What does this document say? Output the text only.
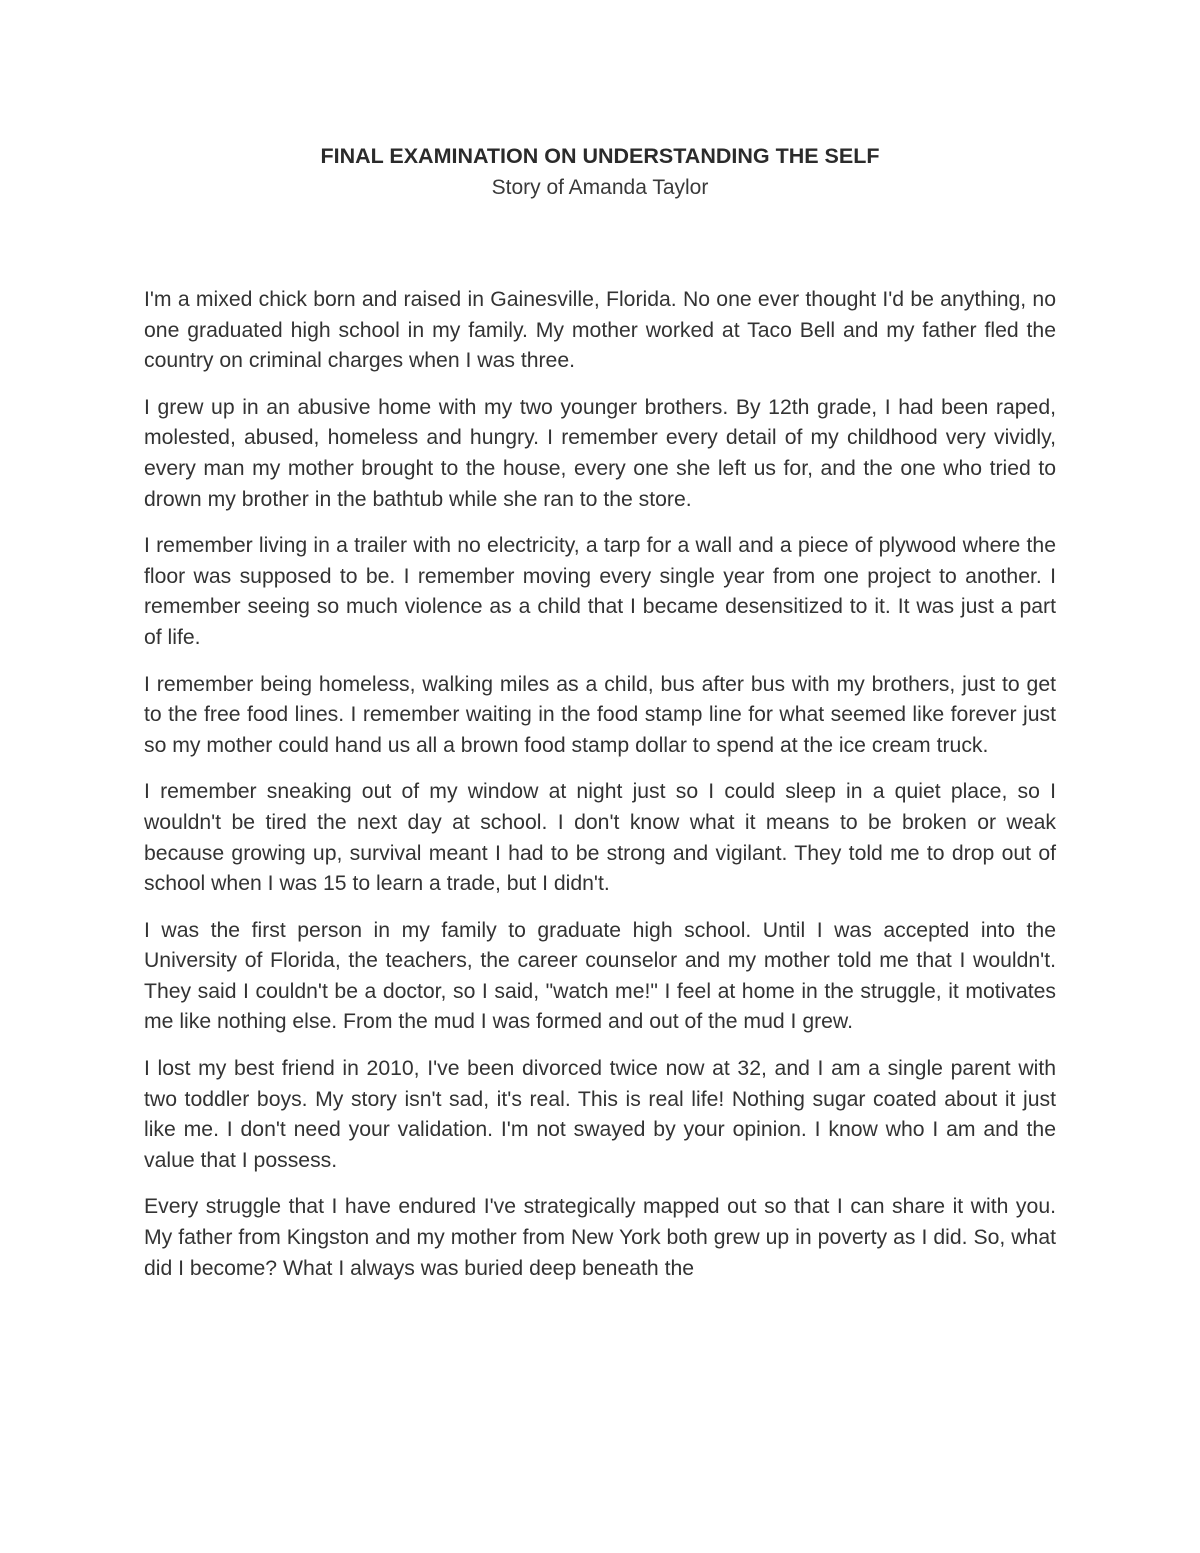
FINAL EXAMINATION ON UNDERSTANDING THE SELF

Story of Amanda Taylor

I'm a mixed chick born and raised in Gainesville, Florida. No one ever thought I'd be anything, no one graduated high school in my family. My mother worked at Taco Bell and my father fled the country on criminal charges when I was three.

I grew up in an abusive home with my two younger brothers. By 12th grade, I had been raped, molested, abused, homeless and hungry. I remember every detail of my childhood very vividly, every man my mother brought to the house, every one she left us for, and the one who tried to drown my brother in the bathtub while she ran to the store.

I remember living in a trailer with no electricity, a tarp for a wall and a piece of plywood where the floor was supposed to be. I remember moving every single year from one project to another. I remember seeing so much violence as a child that I became desensitized to it. It was just a part of life.

I remember being homeless, walking miles as a child, bus after bus with my brothers, just to get to the free food lines. I remember waiting in the food stamp line for what seemed like forever just so my mother could hand us all a brown food stamp dollar to spend at the ice cream truck.

I remember sneaking out of my window at night just so I could sleep in a quiet place, so I wouldn't be tired the next day at school. I don't know what it means to be broken or weak because growing up, survival meant I had to be strong and vigilant. They told me to drop out of school when I was 15 to learn a trade, but I didn't.

I was the first person in my family to graduate high school. Until I was accepted into the University of Florida, the teachers, the career counselor and my mother told me that I wouldn't. They said I couldn't be a doctor, so I said, "watch me!" I feel at home in the struggle, it motivates me like nothing else. From the mud I was formed and out of the mud I grew.

I lost my best friend in 2010, I've been divorced twice now at 32, and I am a single parent with two toddler boys. My story isn't sad, it's real. This is real life! Nothing sugar coated about it just like me. I don't need your validation. I'm not swayed by your opinion. I know who I am and the value that I possess.

Every struggle that I have endured I've strategically mapped out so that I can share it with you. My father from Kingston and my mother from New York both grew up in poverty as I did. So, what did I become? What I always was buried deep beneath the
